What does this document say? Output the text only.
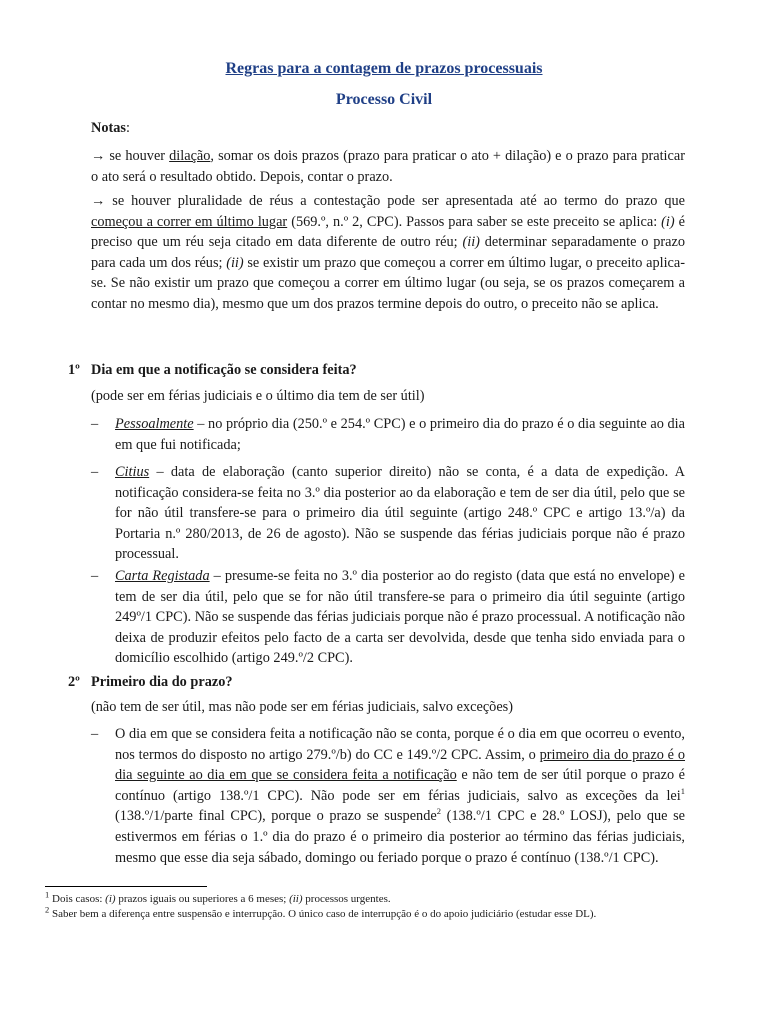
Regras para a contagem de prazos processuais
Processo Civil

Notas:

→ se houver dilação, somar os dois prazos (prazo para praticar o ato + dilação) e o prazo para praticar o ato será o resultado obtido. Depois, contar o prazo.

→ se houver pluralidade de réus a contestação pode ser apresentada até ao termo do prazo que começou a correr em último lugar (569.º, n.º 2, CPC). Passos para saber se este preceito se aplica: (i) é preciso que um réu seja citado em data diferente de outro réu; (ii) determinar separadamente o prazo para cada um dos réus; (ii) se existir um prazo que começou a correr em último lugar, o preceito aplica-se. Se não existir um prazo que começou a correr em último lugar (ou seja, se os prazos começarem a contar no mesmo dia), mesmo que um dos prazos termine depois do outro, o preceito não se aplica.

1º Dia em que a notificação se considera feita?

(pode ser em férias judiciais e o último dia tem de ser útil)

– Pessoalmente – no próprio dia (250.º e 254.º CPC) e o primeiro dia do prazo é o dia seguinte ao dia em que fui notificada;

– Citius – data de elaboração (canto superior direito) não se conta, é a data de expedição. A notificação considera-se feita no 3.º dia posterior ao da elaboração e tem de ser dia útil, pelo que se for não útil transfere-se para o primeiro dia útil seguinte (artigo 248.º CPC e artigo 13.º/a) da Portaria n.º 280/2013, de 26 de agosto). Não se suspende das férias judiciais porque não é prazo processual.

– Carta Registada – presume-se feita no 3.º dia posterior ao do registo (data que está no envelope) e tem de ser dia útil, pelo que se for não útil transfere-se para o primeiro dia útil seguinte (artigo 249º/1 CPC). Não se suspende das férias judiciais porque não é prazo processual. A notificação não deixa de produzir efeitos pelo facto de a carta ser devolvida, desde que tenha sido enviada para o domicílio escolhido (artigo 249.º/2 CPC).

2º Primeiro dia do prazo?

(não tem de ser útil, mas não pode ser em férias judiciais, salvo exceções)

– O dia em que se considera feita a notificação não se conta, porque é o dia em que ocorreu o evento, nos termos do disposto no artigo 279.º/b) do CC e 149.º/2 CPC. Assim, o primeiro dia do prazo é o dia seguinte ao dia em que se considera feita a notificação e não tem de ser útil porque o prazo é contínuo (artigo 138.º/1 CPC). Não pode ser em férias judiciais, salvo as exceções da lei$^1$ (138.º/1/parte final CPC), porque o prazo se suspende$^2$ (138.º/1 CPC e 28.º LOSJ), pelo que se estivermos em férias o 1.º dia do prazo é o primeiro dia posterior ao término das férias judiciais, mesmo que esse dia seja sábado, domingo ou feriado porque o prazo é contínuo (138.º/1 CPC).

$^1$ Dois casos: (i) prazos iguais ou superiores a 6 meses; (ii) processos urgentes.

$^2$ Saber bem a diferença entre suspensão e interrupção. O único caso de interrupção é o do apoio judiciário (estudar esse DL).
